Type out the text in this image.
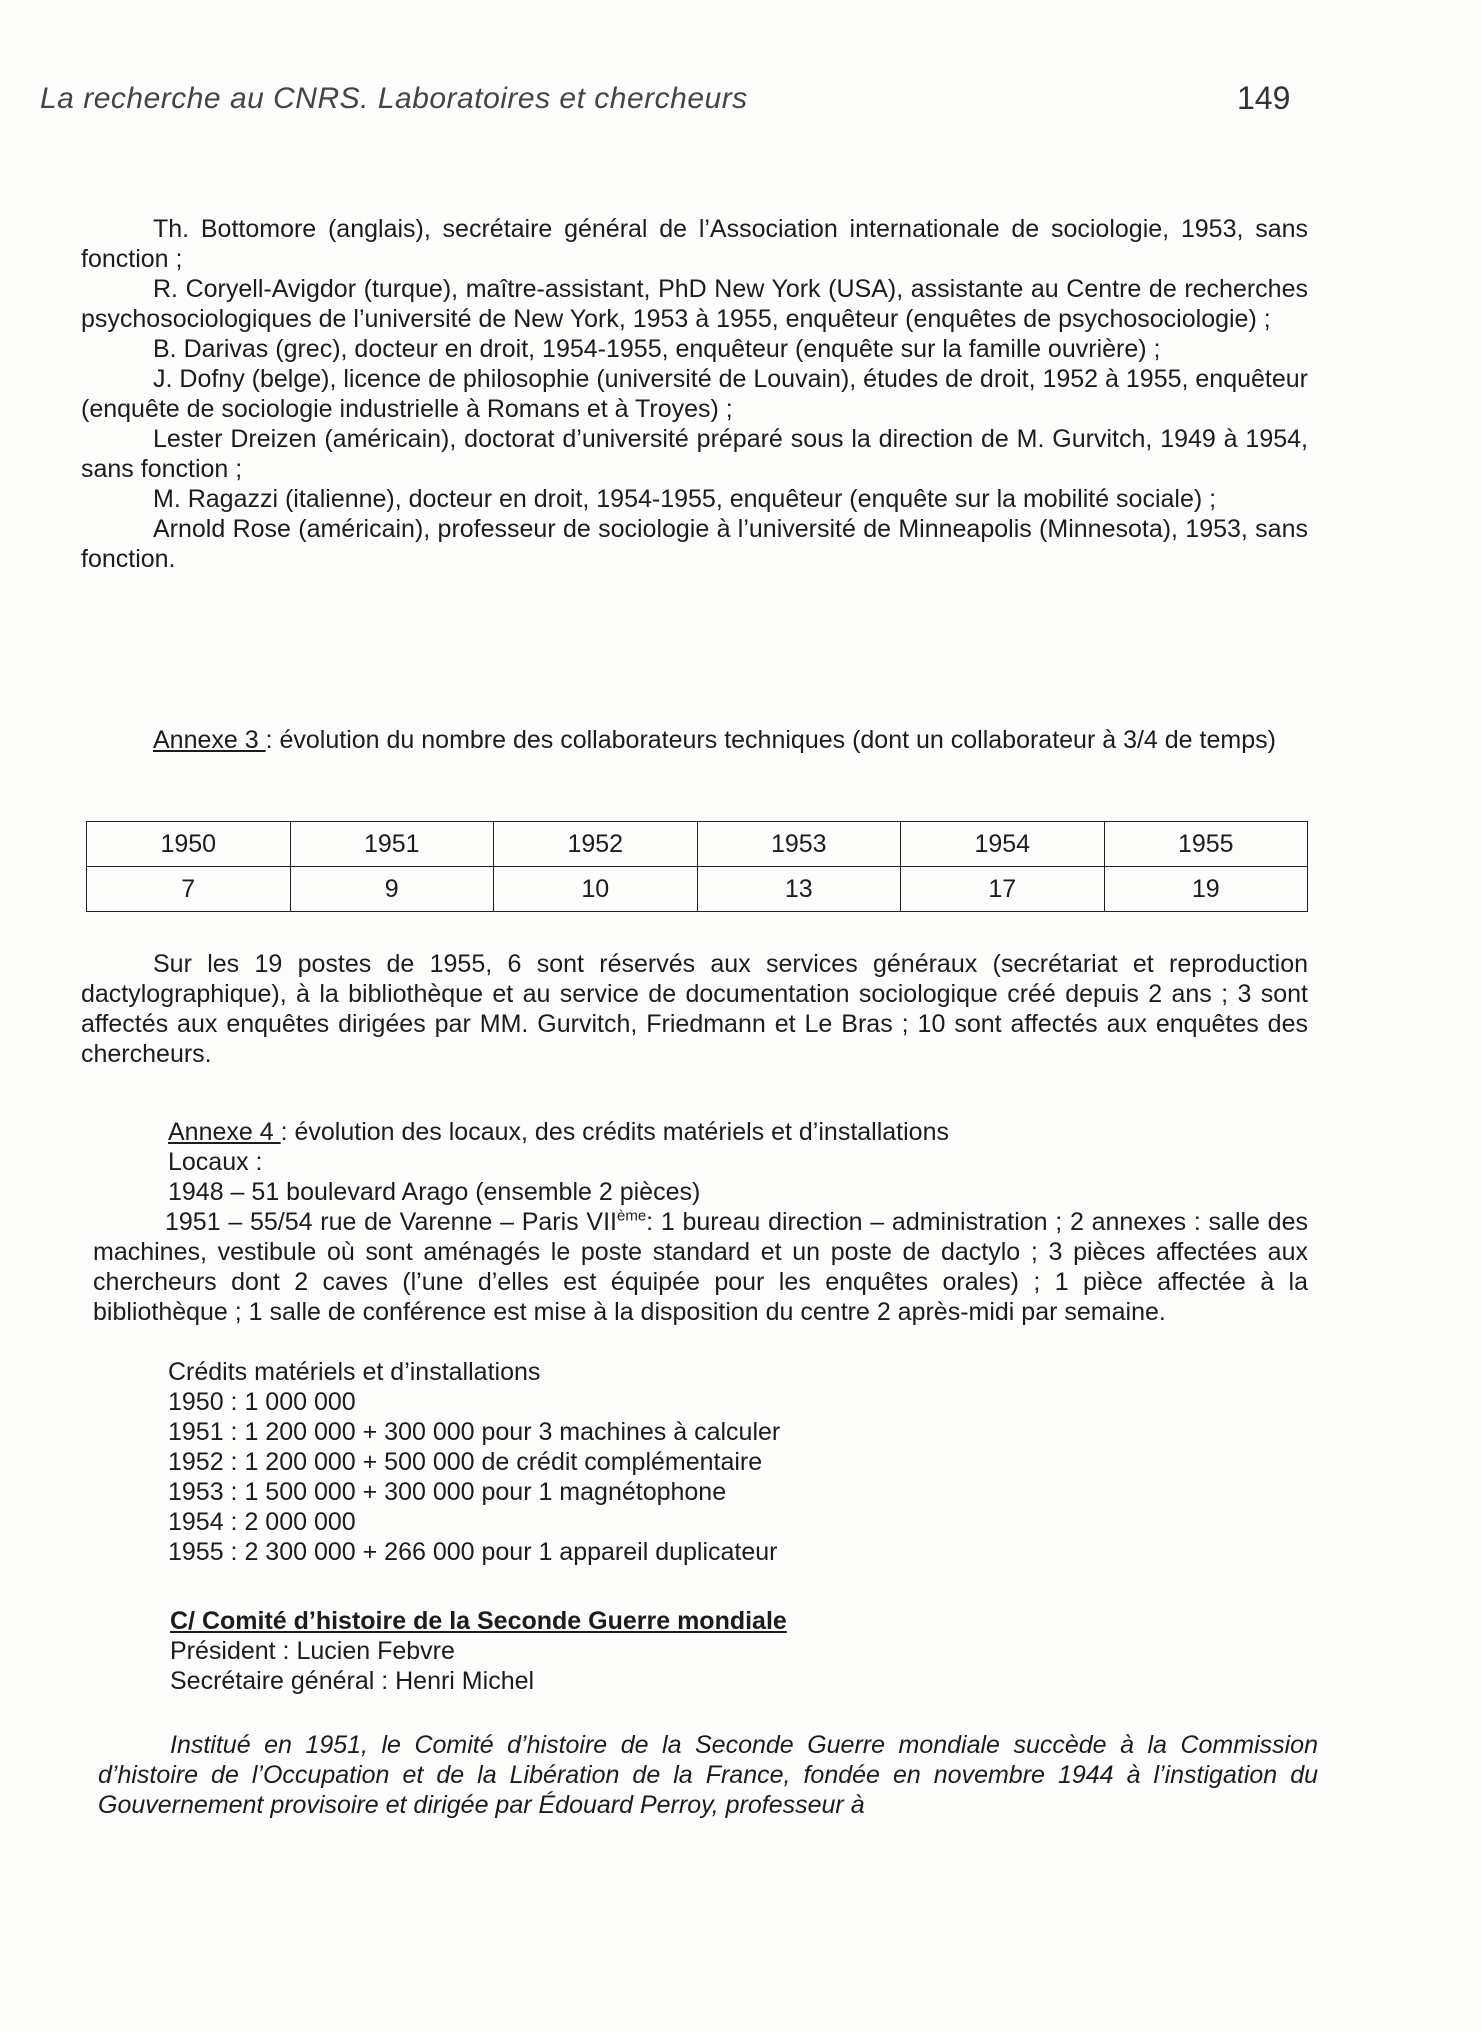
La recherche au CNRS. Laboratoires et chercheurs	149

Th. Bottomore (anglais), secrétaire général de l’Association internationale de sociologie, 1953, sans fonction ;

R. Coryell-Avigdor (turque), maître-assistant, PhD New York (USA), assistante au Centre de recherches psychosociologiques de l’université de New York, 1953 à 1955, enquêteur (enquêtes de psychosociologie) ;

B. Darivas (grec), docteur en droit, 1954-1955, enquêteur (enquête sur la famille ouvrière) ;

J. Dofny (belge), licence de philosophie (université de Louvain), études de droit, 1952 à 1955, enquêteur (enquête de sociologie industrielle à Romans et à Troyes) ;

Lester Dreizen (américain), doctorat d’université préparé sous la direction de M. Gurvitch, 1949 à 1954, sans fonction ;

M. Ragazzi (italienne), docteur en droit, 1954-1955, enquêteur (enquête sur la mobilité sociale) ;

Arnold Rose (américain), professeur de sociologie à l’université de Minneapolis (Minnesota), 1953, sans fonction.

Annexe 3 : évolution du nombre des collaborateurs techniques (dont un collaborateur à 3/4 de temps)

1950	1951	1952	1953	1954	1955
7	9	10	13	17	19

Sur les 19 postes de 1955, 6 sont réservés aux services généraux (secrétariat et reproduction dactylographique), à la bibliothèque et au service de documentation sociologique créé depuis 2 ans ; 3 sont affectés aux enquêtes dirigées par MM. Gurvitch, Friedmann et Le Bras ; 10 sont affectés aux enquêtes des chercheurs.

Annexe 4 : évolution des locaux, des crédits matériels et d’installations
Locaux :
1948 – 51 boulevard Arago (ensemble 2 pièces)

1951 – 55/54 rue de Varenne – Paris VIIème: 1 bureau direction – administration ; 2 annexes : salle des machines, vestibule où sont aménagés le poste standard et un poste de dactylo ; 3 pièces affectées aux chercheurs dont 2 caves (l’une d’elles est équipée pour les enquêtes orales) ; 1 pièce affectée à la bibliothèque ; 1 salle de conférence est mise à la disposition du centre 2 après-midi par semaine.

Crédits matériels et d’installations
1950 : 1 000 000
1951 : 1 200 000 + 300 000 pour 3 machines à calculer
1952 : 1 200 000 + 500 000 de crédit complémentaire
1953 : 1 500 000 + 300 000 pour 1 magnétophone
1954 : 2 000 000
1955 : 2 300 000 + 266 000 pour 1 appareil duplicateur
C/ Comité d’histoire de la Seconde Guerre mondiale
Président : Lucien Febvre
Secrétaire général : Henri Michel

Institué en 1951, le Comité d’histoire de la Seconde Guerre mondiale succède à la Commission d’histoire de l’Occupation et de la Libération de la France, fondée en novembre 1944 à l’instigation du Gouvernement provisoire et dirigée par Édouard Perroy, professeur à
